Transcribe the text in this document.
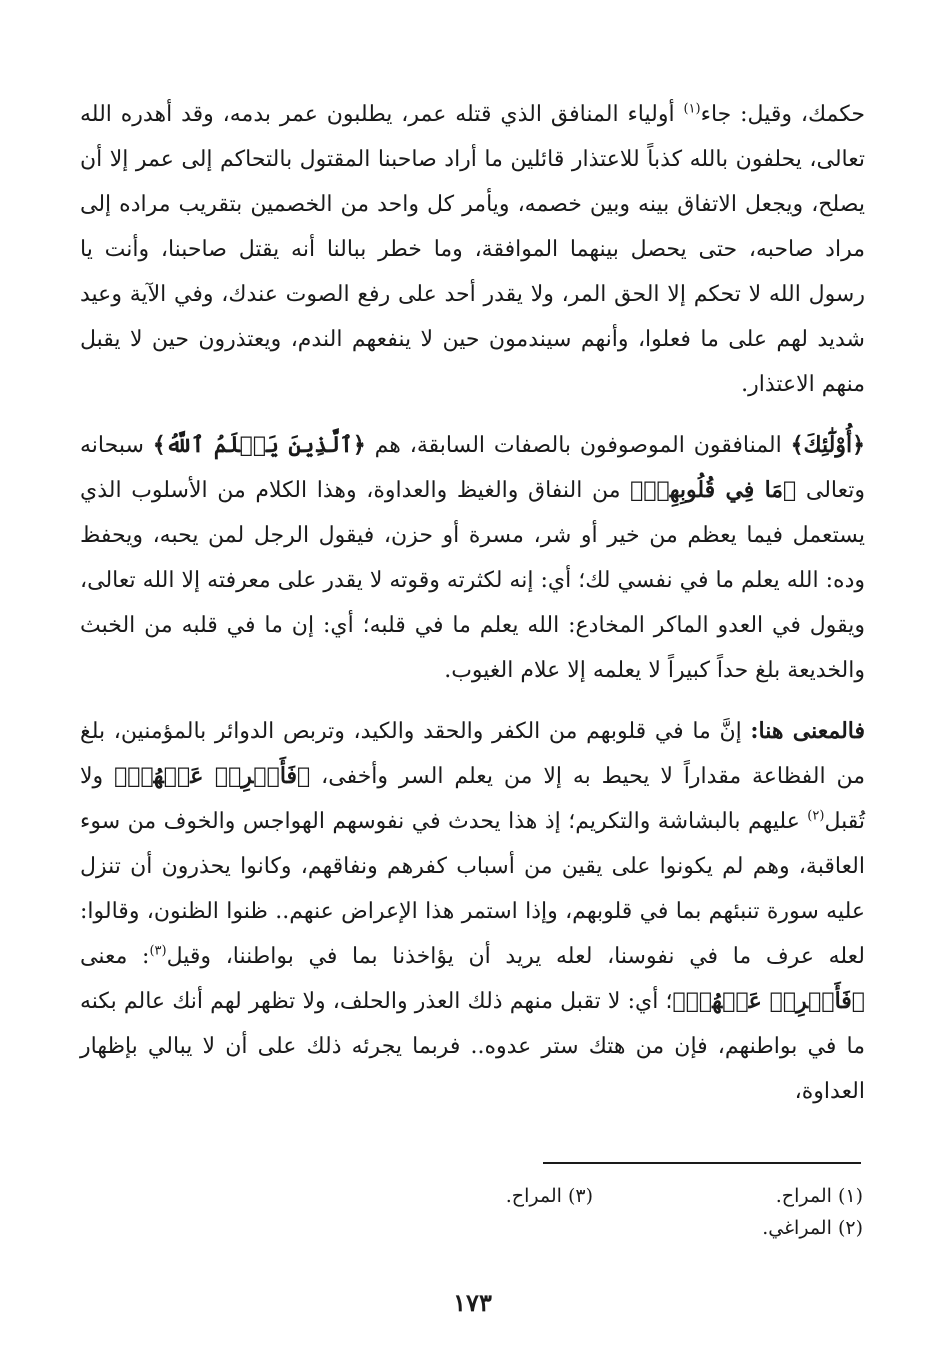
حكمك، وقيل: جاء$^{(١)}$ أولياء المنافق الذي قتله عمر، يطلبون عمر بدمه، وقد أهدره الله تعالى، يحلفون بالله كذباً للاعتذار قائلين ما أراد صاحبنا المقتول بالتحاكم إلى عمر إلا أن يصلح، ويجعل الاتفاق بينه وبين خصمه، ويأمر كل واحد من الخصمين بتقريب مراده إلى مراد صاحبه، حتى يحصل بينهما الموافقة، وما خطر ببالنا أنه يقتل صاحبنا، وأنت يا رسول الله لا تحكم إلا الحق المر، ولا يقدر أحد على رفع الصوت عندك، وفي الآية وعيد شديد لهم على ما فعلوا، وأنهم سيندمون حين لا ينفعهم الندم، ويعتذرون حين لا يقبل منهم الاعتذار.
﴿أُوْلَٰٓئِكَ﴾ المنافقون الموصوفون بالصفات السابقة، هم ﴿ٱلَّذِينَ يَعۡلَمُ ٱللَّهُ﴾ سبحانه وتعالى ﴿مَا فِي قُلُوبِهِمۡ﴾ من النفاق والغيظ والعداوة، وهذا الكلام من الأسلوب الذي يستعمل فيما يعظم من خير أو شر، مسرة أو حزن، فيقول الرجل لمن يحبه، ويحفظ وده: الله يعلم ما في نفسي لك؛ أي: إنه لكثرته وقوته لا يقدر على معرفته إلا الله تعالى، ويقول في العدو الماكر المخادع: الله يعلم ما في قلبه؛ أي: إن ما في قلبه من الخبث والخديعة بلغ حداً كبيراً لا يعلمه إلا علام الغيوب.
فالمعنى هنا: إنَّ ما في قلوبهم من الكفر والحقد والكيد، وتربص الدوائر بالمؤمنين، بلغ من الفظاعة مقداراً لا يحيط به إلا من يعلم السر وأخفى، ﴿فَأَعۡرِضۡ عَنۡهُمۡ﴾ ولا تُقبل$^{(٢)}$ عليهم بالبشاشة والتكريم؛ إذ هذا يحدث في نفوسهم الهواجس والخوف من سوء العاقبة، وهم لم يكونوا على يقين من أسباب كفرهم ونفاقهم، وكانوا يحذرون أن تنزل عليه سورة تنبئهم بما في قلوبهم، وإذا استمر هذا الإعراض عنهم.. ظنوا الظنون، وقالوا: لعله عرف ما في نفوسنا، لعله يريد أن يؤاخذنا بما في بواطننا، وقيل$^{(٣)}$: معنى ﴿فَأَعۡرِضۡ عَنۡهُمۡ﴾؛ أي: لا تقبل منهم ذلك العذر والحلف، ولا تظهر لهم أنك عالم بكنه ما في بواطنهم، فإن من هتك ستر عدوه.. فربما يجرئه ذلك على أن لا يبالي بإظهار العداوة،
(١) المراح.
(٣) المراح.
(٢) المراغي.
١٧٣
